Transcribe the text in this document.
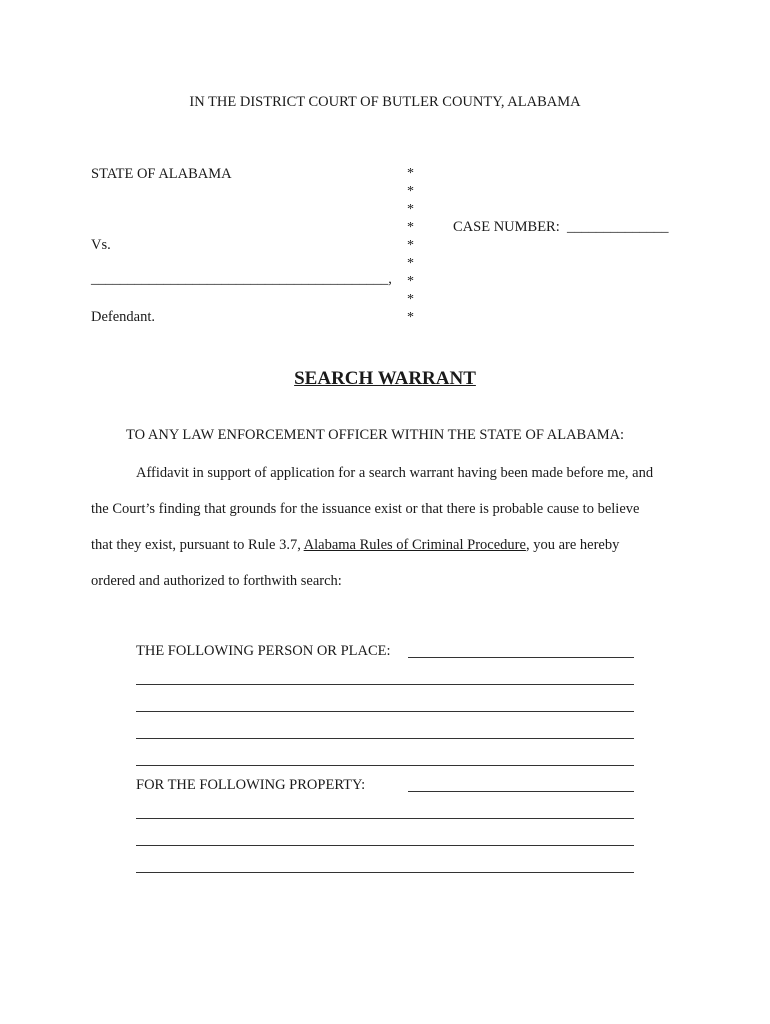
IN THE DISTRICT COURT OF BUTLER COUNTY, ALABAMA
STATE OF ALABAMA
Vs.
_________________________________________,
Defendant.
*
*
*
*
*
*
*
*
*
CASE NUMBER: ______________
SEARCH WARRANT
TO ANY LAW ENFORCEMENT OFFICER WITHIN THE STATE OF ALABAMA:
Affidavit in support of application for a search warrant having been made before me, and
the Court’s finding that grounds for the issuance exist or that there is probable cause to believe
that they exist, pursuant to Rule 3.7, Alabama Rules of Criminal Procedure, you are hereby
ordered and authorized to forthwith search:
THE FOLLOWING PERSON OR PLACE:
FOR THE FOLLOWING PROPERTY:
